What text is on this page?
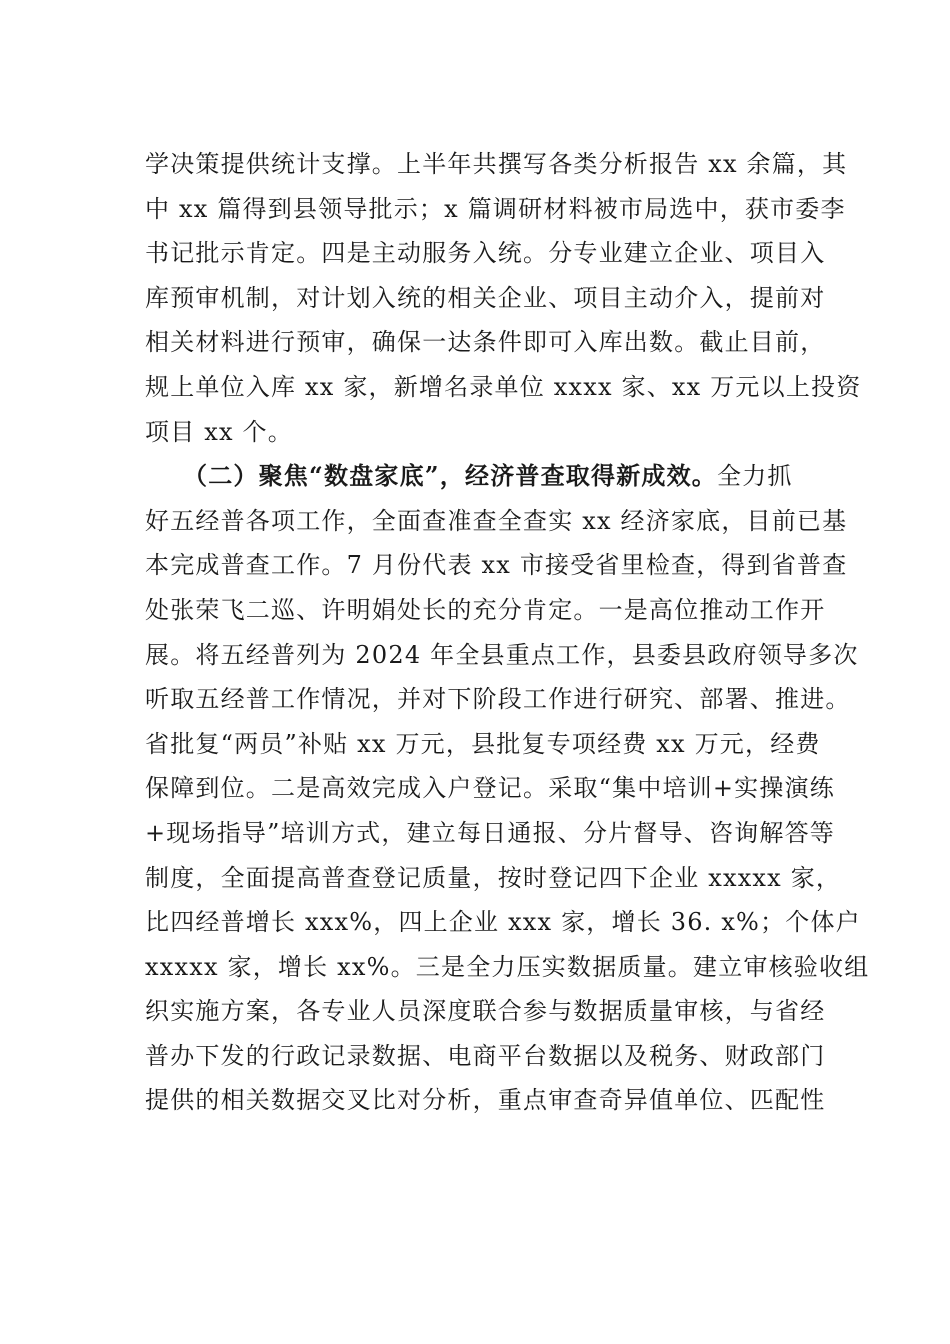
学决策提供统计支撑。上半年共撰写各类分析报告 xx 余篇，其
中 xx 篇得到县领导批示；x 篇调研材料被市局选中，获市委李
书记批示肯定。四是主动服务入统。分专业建立企业、项目入
库预审机制，对计划入统的相关企业、项目主动介入，提前对
相关材料进行预审，确保一达条件即可入库出数。截止目前，
规上单位入库 xx 家，新增名录单位 xxxx 家、xx 万元以上投资
项目 xx 个。
（二）聚焦“数盘家底”，经济普查取得新成效。全力抓
好五经普各项工作，全面查准查全查实 xx 经济家底，目前已基
本完成普查工作。7 月份代表 xx 市接受省里检查，得到省普查
处张荣飞二巡、许明娟处长的充分肯定。一是高位推动工作开
展。将五经普列为 2024 年全县重点工作，县委县政府领导多次
听取五经普工作情况，并对下阶段工作进行研究、部署、推进。
省批复“两员”补贴 xx 万元，县批复专项经费 xx 万元，经费
保障到位。二是高效完成入户登记。采取“集中培训+实操演练
+现场指导”培训方式，建立每日通报、分片督导、咨询解答等
制度，全面提高普查登记质量，按时登记四下企业 xxxxx 家，
比四经普增长 xxx%，四上企业 xxx 家，增长 36. x%；个体户
xxxxx 家，增长 xx%。三是全力压实数据质量。建立审核验收组
织实施方案，各专业人员深度联合参与数据质量审核，与省经
普办下发的行政记录数据、电商平台数据以及税务、财政部门
提供的相关数据交叉比对分析，重点审查奇异值单位、匹配性
